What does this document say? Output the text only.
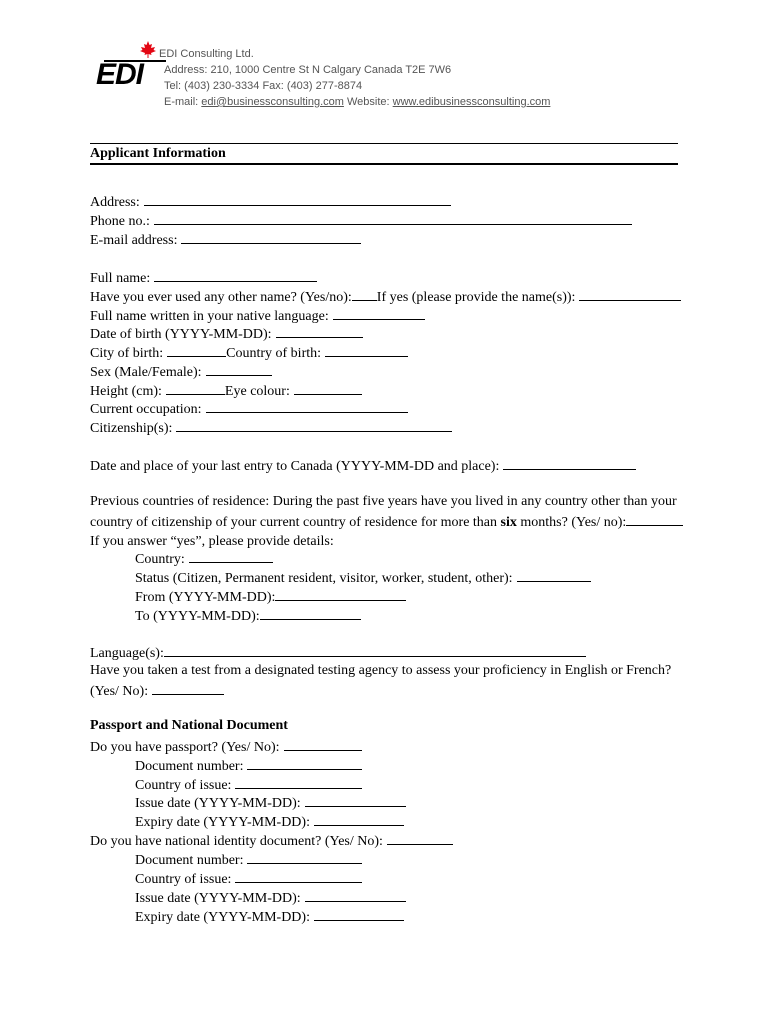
EDI
EDI Consulting Ltd.
Address: 210, 1000 Centre St N Calgary Canada T2E 7W6
Tel: (403) 230-3334 Fax: (403) 277-8874
E-mail: edi@businessconsulting.com Website: www.edibusinessconsulting.com
Applicant Information
Address:
Phone no.:
E-mail address:
Full name:
Have you ever used any other name? (Yes/no): If yes (please provide the name(s)):
Full name written in your native language:
Date of birth (YYYY-MM-DD):
City of birth:	Country of birth:
Sex (Male/Female):
Height (cm):	Eye colour:
Current occupation:
Citizenship(s):
Date and place of your last entry to Canada (YYYY-MM-DD and place):
Previous countries of residence: During the past five years have you lived in any country other than your
country of citizenship of your current country of residence for more than six months? (Yes/ no):
If you answer “yes”, please provide details:
Country:
Status (Citizen, Permanent resident, visitor, worker, student, other):
From (YYYY-MM-DD):
To (YYYY-MM-DD):
Language(s):
Have you taken a test from a designated testing agency to assess your proficiency in English or French?
(Yes/ No):
Passport and National Document
Do you have passport? (Yes/ No):
Document number:
Country of issue:
Issue date (YYYY-MM-DD):
Expiry date (YYYY-MM-DD):
Do you have national identity document? (Yes/ No):
Document number:
Country of issue:
Issue date (YYYY-MM-DD):
Expiry date (YYYY-MM-DD):
